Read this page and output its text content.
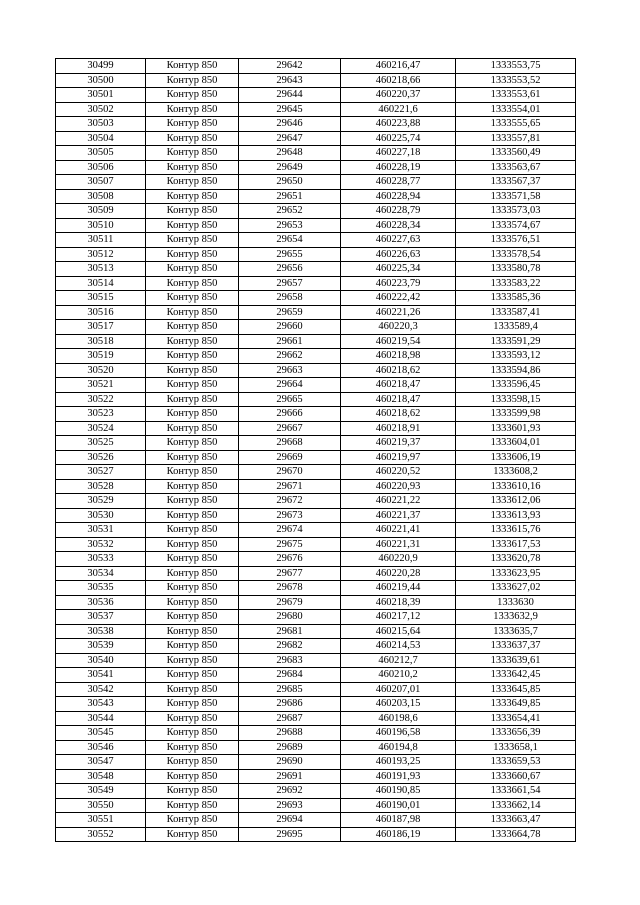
30499	Контур 850	29642	460216,47	1333553,75
30500	Контур 850	29643	460218,66	1333553,52
30501	Контур 850	29644	460220,37	1333553,61
30502	Контур 850	29645	460221,6	1333554,01
30503	Контур 850	29646	460223,88	1333555,65
30504	Контур 850	29647	460225,74	1333557,81
30505	Контур 850	29648	460227,18	1333560,49
30506	Контур 850	29649	460228,19	1333563,67
30507	Контур 850	29650	460228,77	1333567,37
30508	Контур 850	29651	460228,94	1333571,58
30509	Контур 850	29652	460228,79	1333573,03
30510	Контур 850	29653	460228,34	1333574,67
30511	Контур 850	29654	460227,63	1333576,51
30512	Контур 850	29655	460226,63	1333578,54
30513	Контур 850	29656	460225,34	1333580,78
30514	Контур 850	29657	460223,79	1333583,22
30515	Контур 850	29658	460222,42	1333585,36
30516	Контур 850	29659	460221,26	1333587,41
30517	Контур 850	29660	460220,3	1333589,4
30518	Контур 850	29661	460219,54	1333591,29
30519	Контур 850	29662	460218,98	1333593,12
30520	Контур 850	29663	460218,62	1333594,86
30521	Контур 850	29664	460218,47	1333596,45
30522	Контур 850	29665	460218,47	1333598,15
30523	Контур 850	29666	460218,62	1333599,98
30524	Контур 850	29667	460218,91	1333601,93
30525	Контур 850	29668	460219,37	1333604,01
30526	Контур 850	29669	460219,97	1333606,19
30527	Контур 850	29670	460220,52	1333608,2
30528	Контур 850	29671	460220,93	1333610,16
30529	Контур 850	29672	460221,22	1333612,06
30530	Контур 850	29673	460221,37	1333613,93
30531	Контур 850	29674	460221,41	1333615,76
30532	Контур 850	29675	460221,31	1333617,53
30533	Контур 850	29676	460220,9	1333620,78
30534	Контур 850	29677	460220,28	1333623,95
30535	Контур 850	29678	460219,44	1333627,02
30536	Контур 850	29679	460218,39	1333630
30537	Контур 850	29680	460217,12	1333632,9
30538	Контур 850	29681	460215,64	1333635,7
30539	Контур 850	29682	460214,53	1333637,37
30540	Контур 850	29683	460212,7	1333639,61
30541	Контур 850	29684	460210,2	1333642,45
30542	Контур 850	29685	460207,01	1333645,85
30543	Контур 850	29686	460203,15	1333649,85
30544	Контур 850	29687	460198,6	1333654,41
30545	Контур 850	29688	460196,58	1333656,39
30546	Контур 850	29689	460194,8	1333658,1
30547	Контур 850	29690	460193,25	1333659,53
30548	Контур 850	29691	460191,93	1333660,67
30549	Контур 850	29692	460190,85	1333661,54
30550	Контур 850	29693	460190,01	1333662,14
30551	Контур 850	29694	460187,98	1333663,47
30552	Контур 850	29695	460186,19	1333664,78
